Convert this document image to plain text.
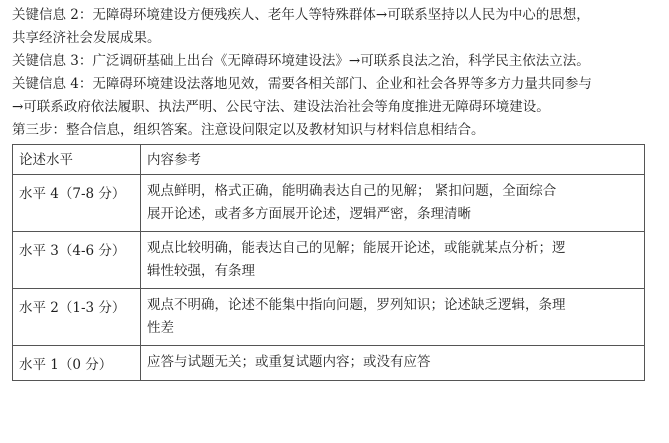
关键信息 2：无障碍环境建设方便残疾人、老年人等特殊群体→可联系坚持以人民为中心的思想，
共享经济社会发展成果。

关键信息 3：广泛调研基础上出台《无障碍环境建设法》→可联系良法之治，科学民主依法立法。

关键信息 4：无障碍环境建设法落地见效，需要各相关部门、企业和社会各界等多方力量共同参与
→可联系政府依法履职、执法严明、公民守法、建设法治社会等角度推进无障碍环境建设。

第三步：整合信息，组织答案。注意设问限定以及教材知识与材料信息相结合。

论述水平	内容参考
水平 4（7-8 分）	观点鲜明，格式正确，能明确表达自己的见解； 紧扣问题，全面综合
展开论述，或者多方面展开论述，逻辑严密，条理清晰

水平 3（4-6 分）	观点比较明确，能表达自己的见解；能展开论述，或能就某点分析；逻
辑性较强，有条理

水平 2（1-3 分）	观点不明确，论述不能集中指向问题，罗列知识；论述缺乏逻辑，条理
性差

水平 1（0 分）	应答与试题无关；或重复试题内容；或没有应答
